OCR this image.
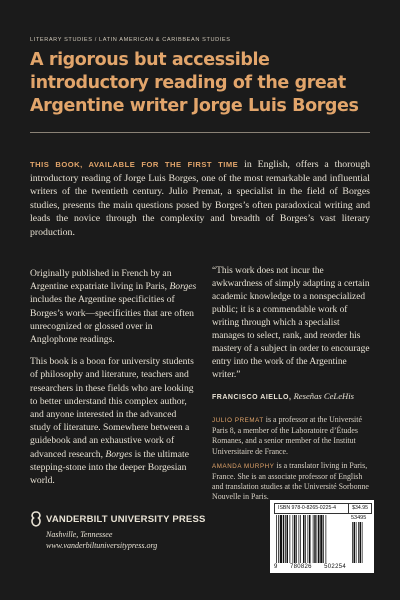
LITERARY STUDIES / LATIN AMERICAN & CARIBBEAN STUDIES
A rigorous but accessible introductory reading of the great Argentine writer Jorge Luis Borges
THIS BOOK, AVAILABLE FOR THE FIRST TIME in English, offers a thorough introductory reading of Jorge Luis Borges, one of the most remarkable and influential writers of the twentieth century. Julio Premat, a specialist in the field of Borges studies, presents the main questions posed by Borges’s often paradoxical writing and leads the novice through the complexity and breadth of Borges’s vast literary production.

Originally published in French by an Argentine expatriate living in Paris, Borges includes the Argentine specificities of Borges’s work—specificities that are often unrecognized or glossed over in Anglophone readings.

This book is a boon for university students of philosophy and literature, teachers and researchers in these fields who are looking to better understand this complex author, and anyone interested in the advanced study of literature. Somewhere between a guidebook and an exhaustive work of advanced research, Borges is the ultimate stepping-stone into the deeper Borgesian world.

“This work does not incur the awkwardness of simply adapting a certain academic knowledge to a nonspecialized public; it is a commendable work of writing through which a specialist manages to select, rank, and reorder his mastery of a subject in order to encourage entry into the work of the Argentine writer.”

FRANCISCO AIELLO, Reseñas CeLeHis
JULIO PREMAT is a professor at the Université Paris 8, a member of the Laboratoire d’Études Romanes, and a senior member of the Institut Universitaire de France.
AMANDA MURPHY is a translator living in Paris, France. She is an associate professor of English and translation studies at the Université Sorbonne Nouvelle in Paris.
VANDERBILT UNIVERSITY PRESS
Nashville, Tennessee
www.vanderbiltuniversitypress.org
ISBN 978-0-8265-0225-4	$34.95
53495
9 780826 502254
